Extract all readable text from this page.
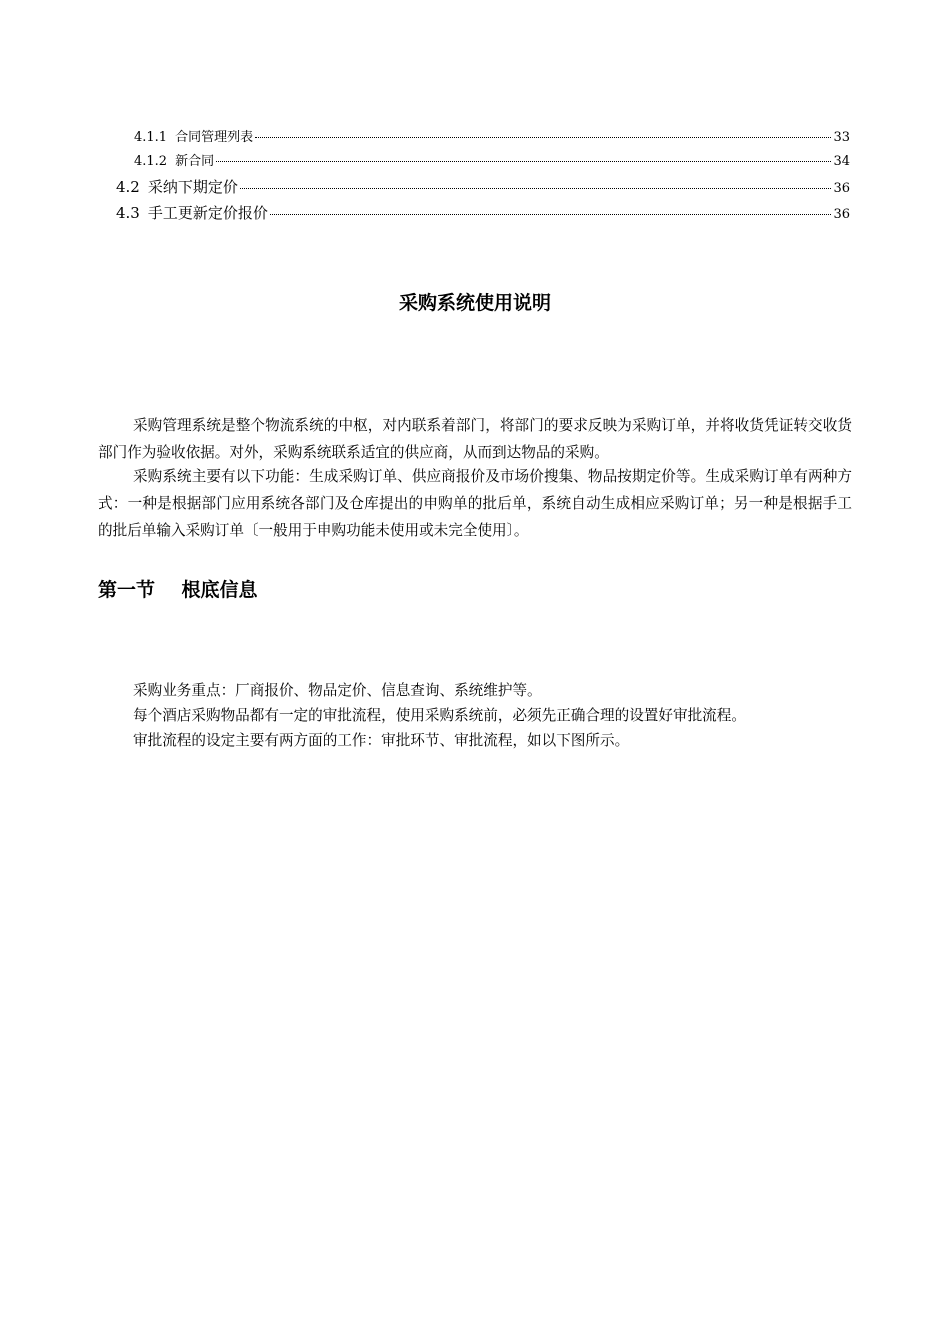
4.1.1 合同管理列表	33
4.1.2 新合同	34
4.2 采纳下期定价	36
4.3 手工更新定价报价	36
采购系统使用说明

采购管理系统是整个物流系统的中枢，对内联系着部门，将部门的要求反映为采购订单，并将收货凭证转交收货部门作为验收依据。对外，采购系统联系适宜的供应商，从而到达物品的采购。

采购系统主要有以下功能：生成采购订单、供应商报价及市场价搜集、物品按期定价等。生成采购订单有两种方式：一种是根据部门应用系统各部门及仓库提出的申购单的批后单，系统自动生成相应采购订单；另一种是根据手工的批后单输入采购订单〔一般用于申购功能未使用或未完全使用〕。

第一节    根底信息

采购业务重点：厂商报价、物品定价、信息查询、系统维护等。

每个酒店采购物品都有一定的审批流程，使用采购系统前，必须先正确合理的设置好审批流程。

审批流程的设定主要有两方面的工作：审批环节、审批流程，如以下图所示。
